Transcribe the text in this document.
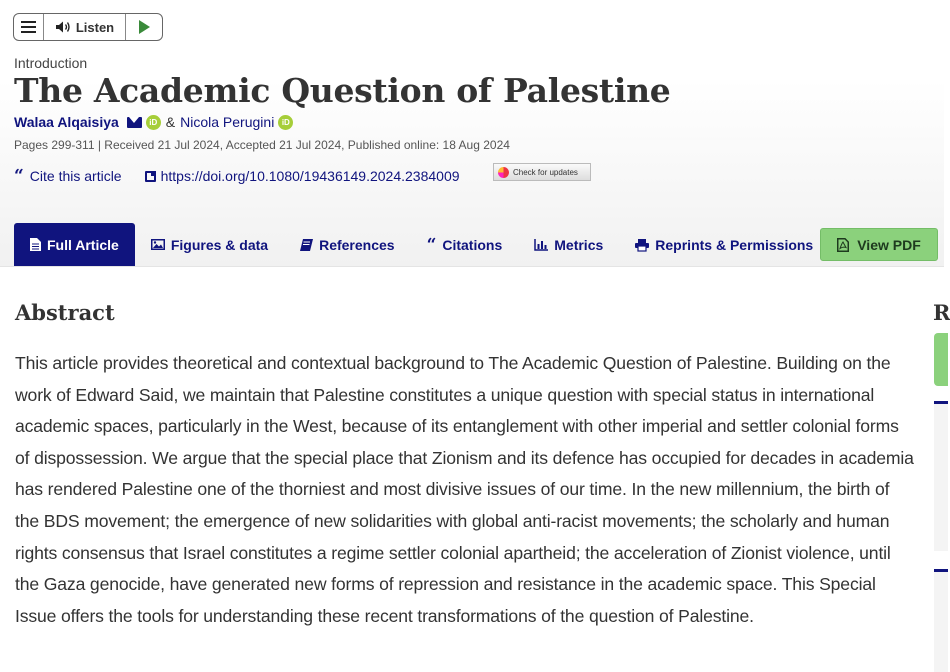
Listen
Introduction
The Academic Question of Palestine
Walaa Alqaisiya	iD & Nicola Perugini iD
Pages 299-311 | Received 21 Jul 2024, Accepted 21 Jul 2024, Published online: 18 Aug 2024
“ Cite this article	https://doi.org/10.1080/19436149.2024.2384009	Check for updates
Full Article	Figures & data	References “ Citations	Metrics	Reprints & Permissions	View PDF
Abstract

This article provides theoretical and contextual background to The Academic Question of Palestine. Building on the work of Edward Said, we maintain that Palestine constitutes a unique question with special status in international academic spaces, particularly in the West, because of its entanglement with other imperial and settler colonial forms of dispossession. We argue that the special place that Zionism and its defence has occupied for decades in academia has rendered Palestine one of the thorniest and most divisive issues of our time. In the new millennium, the birth of the BDS movement; the emergence of new solidarities with global anti-racist movements; the scholarly and human rights consensus that Israel constitutes a regime settler colonial apartheid; the acceleration of Zionist violence, until the Gaza genocide, have generated new forms of repression and resistance in the academic space. This Special Issue offers the tools for understanding these recent transformations of the question of Palestine.

R
